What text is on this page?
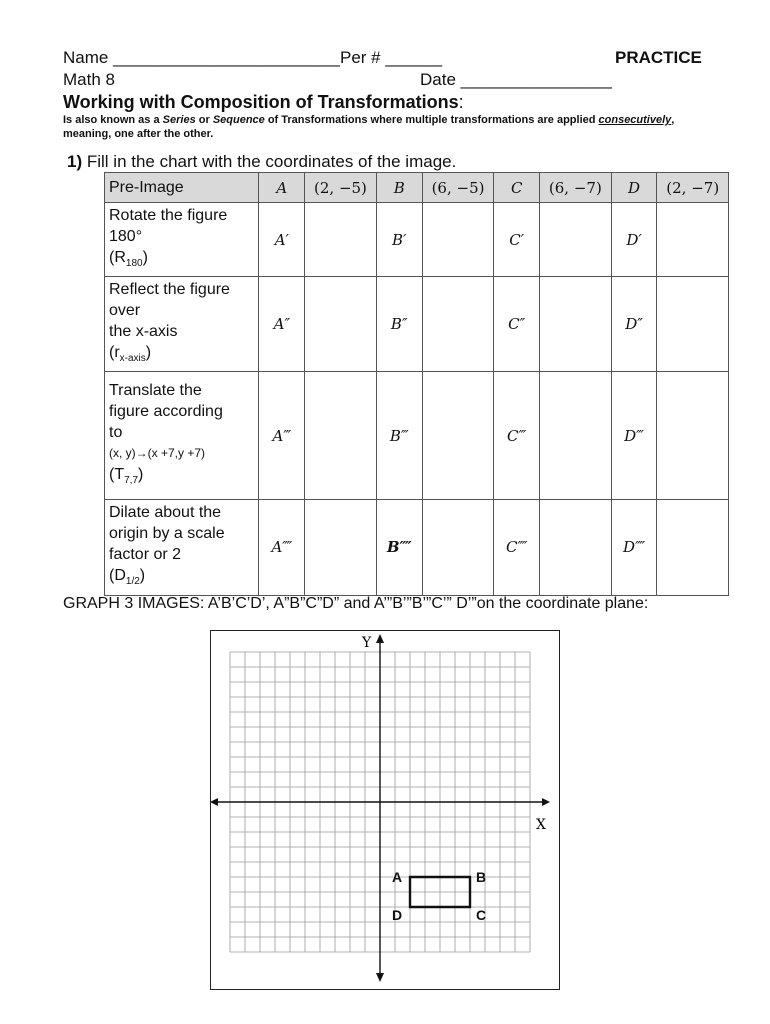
Name ________________________Per # ______	PRACTICE
Math 8	Date ________________
Working with Composition of Transformations:
Is also known as a Series or Sequence of Transformations where multiple transformations are applied consecutively, meaning, one after the other.
1) Fill in the chart with the coordinates of the image.
Pre-Image	A	(2, −5)	B	(6, −5)	C	(6, −7)	D	(2, −7)

Rotate the figure
180°
$(R_{180})$	A′		B′		C′		D′	

Reflect the figure
over
the x-axis
$(r_{x-axis})$	A″		B″		C″		D″	

Translate the
figure according
to
(x, y)→(x +7,y +7)
$(T_{7,7})$	A‴		B‴		C‴		D‴	

Dilate about the
origin by a scale
factor or 2
$(D_{1/2})$	A⁗		B⁗		C⁗		D⁗	
GRAPH 3 IMAGES: A’B’C’D’, A”B”C”D” and A’”B’”B’”C’” D’”on the coordinate plane:
A	B
C
D
Y
X
